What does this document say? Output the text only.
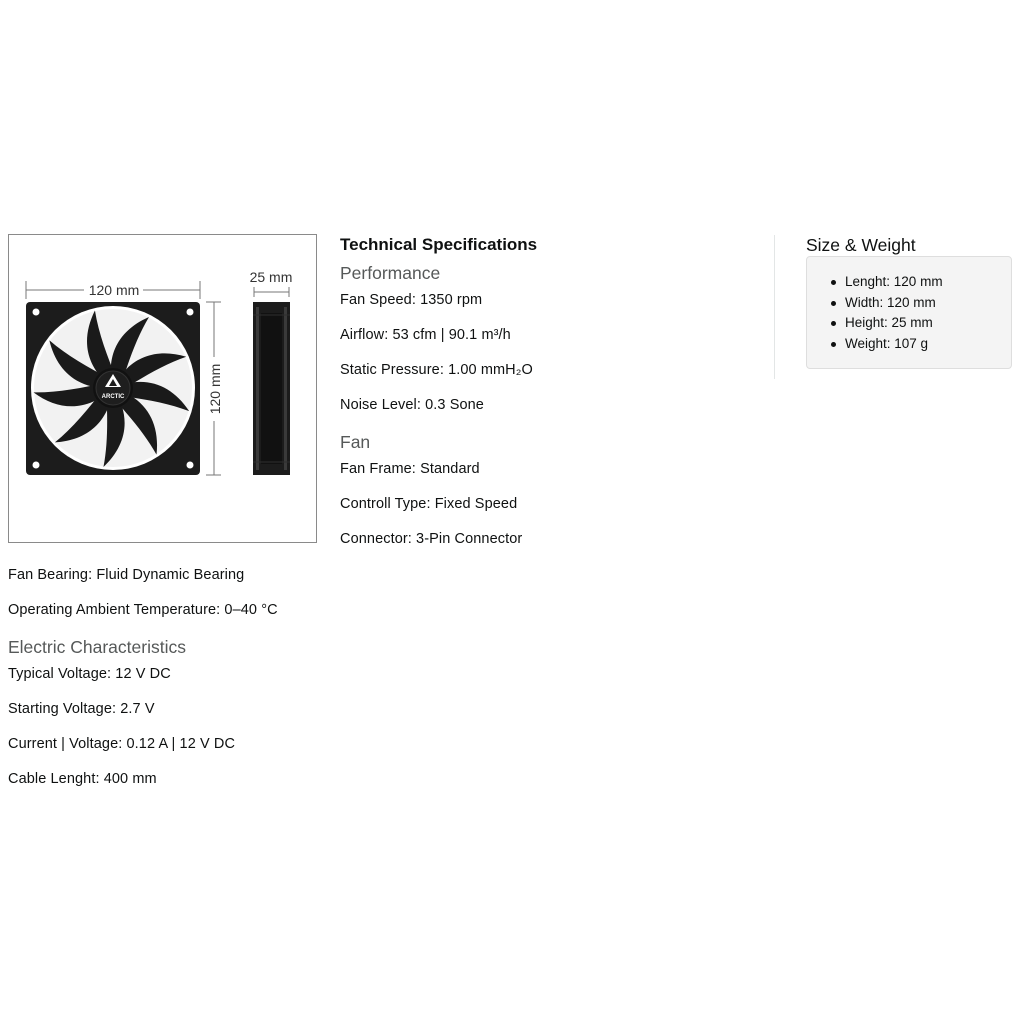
120 mm
120 mm
25 mm
ARCTIC
Technical Specifications
Performance
Fan Speed: 1350 rpm
Airflow: 53 cfm | 90.1 m³/h
Static Pressure: 1.00 mmH₂O
Noise Level: 0.3 Sone
Fan
Fan Frame: Standard
Controll Type: Fixed Speed
Connector: 3-Pin Connector
Fan Bearing: Fluid Dynamic Bearing
Operating Ambient Temperature: 0–40 °C
Electric Characteristics
Typical Voltage: 12 V DC
Starting Voltage: 2.7 V
Current | Voltage: 0.12 A | 12 V DC
Cable Lenght: 400 mm
Size & Weight
Lenght: 120 mm
Width: 120 mm
Height: 25 mm
Weight: 107 g
